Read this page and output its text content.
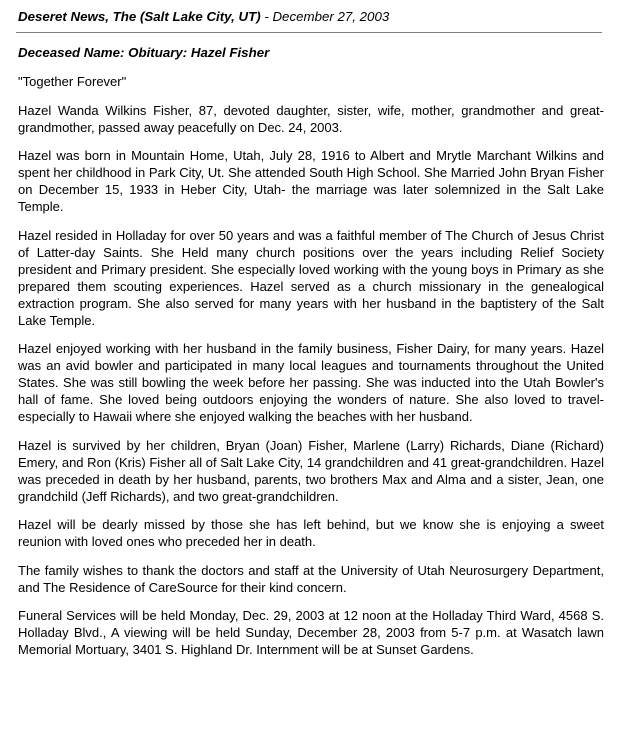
Deseret News, The (Salt Lake City, UT) - December 27, 2003
Deceased Name: Obituary: Hazel Fisher
"Together Forever"
Hazel Wanda Wilkins Fisher, 87, devoted daughter, sister, wife, mother, grandmother and great-grandmother, passed away peacefully on Dec. 24, 2003.
Hazel was born in Mountain Home, Utah, July 28, 1916 to Albert and Mrytle Marchant Wilkins and spent her childhood in Park City, Ut. She attended South High School. She Married John Bryan Fisher on December 15, 1933 in Heber City, Utah- the marriage was later solemnized in the Salt Lake Temple.
Hazel resided in Holladay for over 50 years and was a faithful member of The Church of Jesus Christ of Latter-day Saints. She Held many church positions over the years including Relief Society president and Primary president. She especially loved working with the young boys in Primary as she prepared them scouting experiences. Hazel served as a church missionary in the genealogical extraction program. She also served for many years with her husband in the baptistery of the Salt Lake Temple.
Hazel enjoyed working with her husband in the family business, Fisher Dairy, for many years. Hazel was an avid bowler and participated in many local leagues and tournaments throughout the United States. She was still bowling the week before her passing. She was inducted into the Utah Bowler's hall of fame. She loved being outdoors enjoying the wonders of nature. She also loved to travel-especially to Hawaii where she enjoyed walking the beaches with her husband.
Hazel is survived by her children, Bryan (Joan) Fisher, Marlene (Larry) Richards, Diane (Richard) Emery, and Ron (Kris) Fisher all of Salt Lake City, 14 grandchildren and 41 great-grandchildren. Hazel was preceded in death by her husband, parents, two brothers Max and Alma and a sister, Jean, one grandchild (Jeff Richards), and two great-grandchildren.
Hazel will be dearly missed by those she has left behind, but we know she is enjoying a sweet reunion with loved ones who preceded her in death.
The family wishes to thank the doctors and staff at the University of Utah Neurosurgery Department, and The Residence of CareSource for their kind concern.
Funeral Services will be held Monday, Dec. 29, 2003 at 12 noon at the Holladay Third Ward, 4568 S. Holladay Blvd., A viewing will be held Sunday, December 28, 2003 from 5-7 p.m. at Wasatch lawn Memorial Mortuary, 3401 S. Highland Dr. Internment will be at Sunset Gardens.
